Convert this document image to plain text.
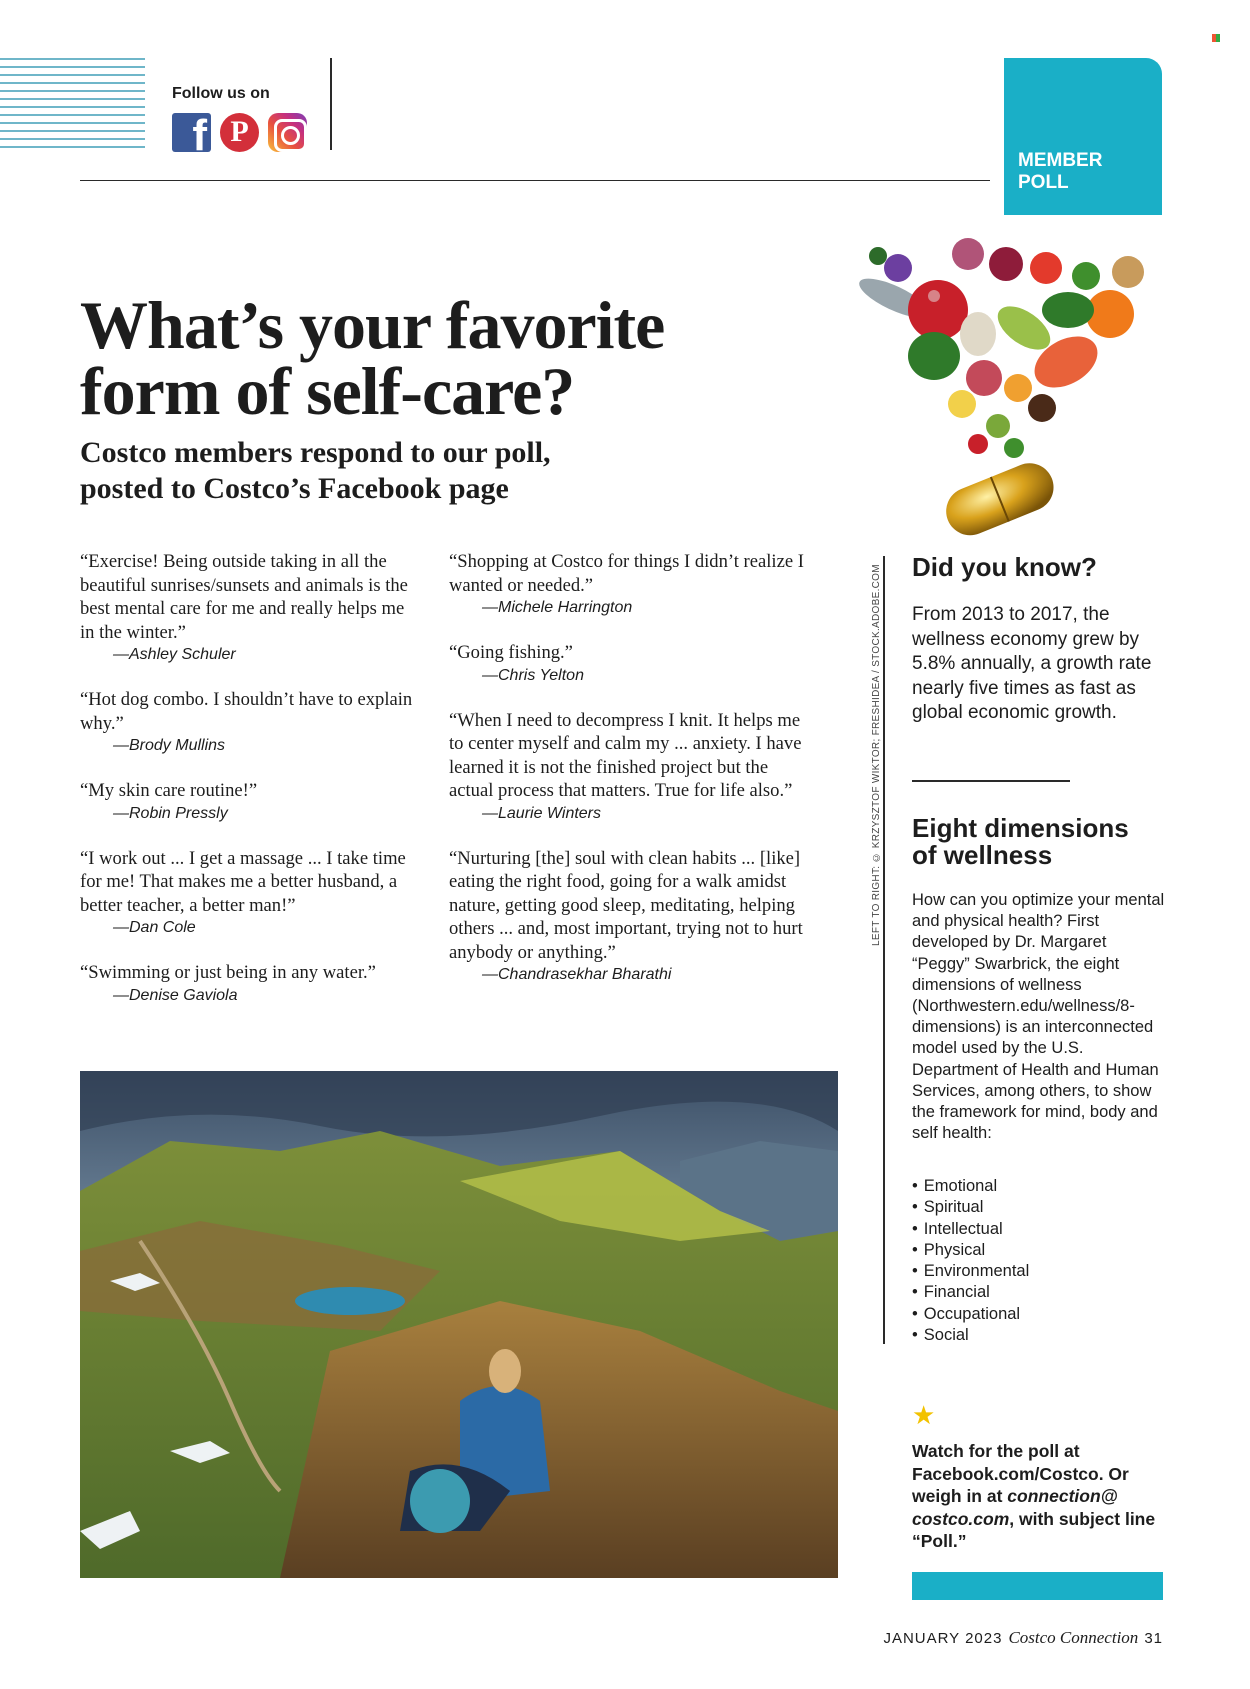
Follow us on
f
P
MEMBER
POLL
What’s your favorite
form of self-care?
Costco members respond to our poll,
posted to Costco’s Facebook page
“Exercise! Being outside taking in all the beautiful sunrises/sunsets and animals is the best mental care for me and really helps me in the winter.”
—Ashley Schuler
“Hot dog combo. I shouldn’t have to explain why.”
—Brody Mullins
“My skin care routine!”
—Robin Pressly
“I work out ... I get a massage ... I take time for me! That makes me a better husband, a better teacher, a better man!”
—Dan Cole
“Swimming or just being in any water.”
—Denise Gaviola
“Shopping at Costco for things I didn’t realize I wanted or needed.”
—Michele Harrington
“Going fishing.”
—Chris Yelton
“When I need to decompress I knit. It helps me to center myself and calm my ... anxiety. I have learned it is not the finished project but the actual process that matters. True for life also.”
—Laurie Winters
“Nurturing [the] soul with clean habits ... [like] eating the right food, going for a walk amidst nature, getting good sleep, meditating, helping others ... and, most important, trying not to hurt anybody or anything.”
—Chandrasekhar Bharathi
LEFT TO RIGHT: © KRZYSZTOF WIKTOR; FRESHIDEA / STOCK.ADOBE.COM Did you know?
From 2013 to 2017, the wellness economy grew by 5.8% annually, a growth rate nearly five times as fast as global economic growth.
Eight dimensions
of wellness
How can you optimize your mental and physical health? First developed by Dr. Margaret “Peggy” Swarbrick, the eight dimensions of wellness (Northwestern.edu/wellness/8-dimensions) is an interconnected model used by the U.S. Department of Health and Human Services, among others, to show the framework for mind, body and self health:
• Emotional
• Spiritual
• Intellectual
• Physical
• Environmental
• Financial
• Occupational
• Social
★
Watch for the poll at Facebook.com/Costco. Or weigh in at connection@ costco.com, with subject line “Poll.”
JANUARY 2023 Costco Connection 31
